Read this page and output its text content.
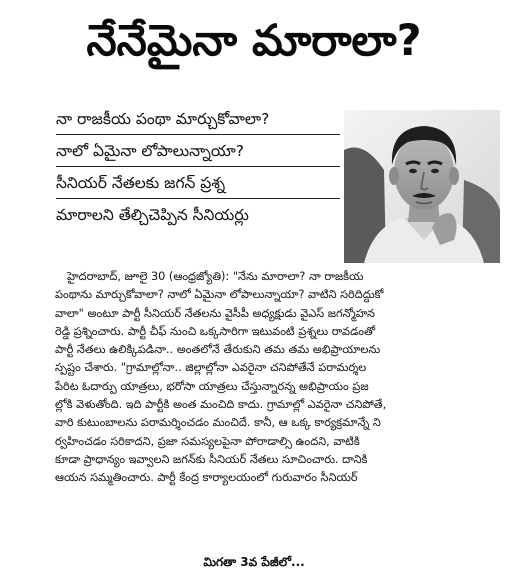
నేనేమైనా మారాలా?
నా రాజకీయ పంథా మార్చుకోవాలా?
నాలో ఏమైనా లోపాలున్నాయా?
సీనియర్ నేతలకు జగన్ ప్రశ్న
మారాలని తేల్చిచెప్పిన సీనియర్లు
హైదరాబాద్, జూలై 30 (ఆంధ్రజ్యోతి): "నేను మారాలా? నా రాజకీయ
పంథాను మార్చుకోవాలా? నాలో ఏమైనా లోపాలున్నాయా? వాటిని సరిదిద్దుకో
వాలా" అంటూ పార్టీ సీనియర్ నేతలను వైసీపీ అధ్యక్షుడు వైఎస్ జగన్మోహన
రెడ్డి ప్రశ్నించారు. పార్టీ చీఫ్ నుంచి ఒక్కసారిగా ఇటువంటి ప్రశ్నలు రావడంతో
పార్టీ నేతలు ఉలిక్కిపడినా.. అంతలోనే తేరుకుని తమ తమ అభిప్రాయాలను
స్పష్టం చేశారు. "గ్రామాల్లోనా.. జిల్లాల్లోనా ఎవరైనా చనిపోతేనే పరామర్శల
పేరిట ఓదార్పు యాత్రలు, భరోసా యాత్రలు చేస్తున్నారన్న అభిప్రాయం ప్రజ
ల్లోకి వెళుతోంది. ఇది పార్టీకి అంత మంచిది కాదు. గ్రామాల్లో ఎవరైనా చనిపోతే,
వారి కుటుంబాలను పరామర్శించడం మంచిదే. కానీ, ఆ ఒక్క కార్యక్రమాన్నే ని
ర్వహించడం సరికాదని, ప్రజా సమస్యలపైనా పోరాడాల్సి ఉందని, వాటికి
కూడా ప్రాధాన్యం ఇవ్వాలని జగన్‌కు సీనియర్ నేతలు సూచించారు. దానికి
ఆయన సమ్మతించారు. పార్టీ కేంద్ర కార్యాలయంలో గురువారం సీనియర్
మిగతా 3వ పేజీలో...
